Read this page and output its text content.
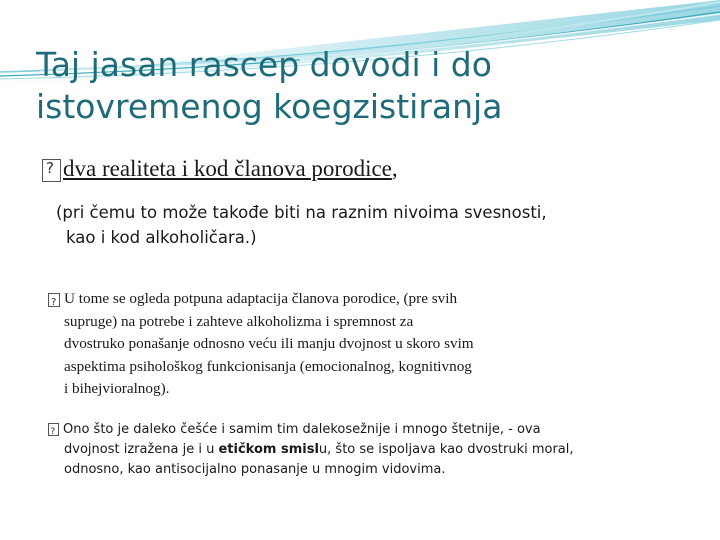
Taj jasan rascep dovodi i do
istovremenog koegzistiranja
?dva realiteta i kod članova porodice,
(pri čemu to može takođe biti na raznim nivoima svesnosti,
kao i kod alkoholičara.)
?U tome se ogleda potpuna adaptacija članova porodice, (pre svih
supruge) na potrebe i zahteve alkoholizma i spremnost za
dvostruko ponašanje odnosno veću ili manju dvojnost u skoro svim
aspektima psihološkog funkcionisanja (emocionalnog, kognitivnog
i bihejvioralnog).
?Ono što je daleko češće i samim tim dalekosežnije i mnogo štetnije, - ova
dvojnost izražena je i u etičkom smislu, što se ispoljava kao dvostruki moral,
odnosno, kao antisocijalno ponasanje u mnogim vidovima.
